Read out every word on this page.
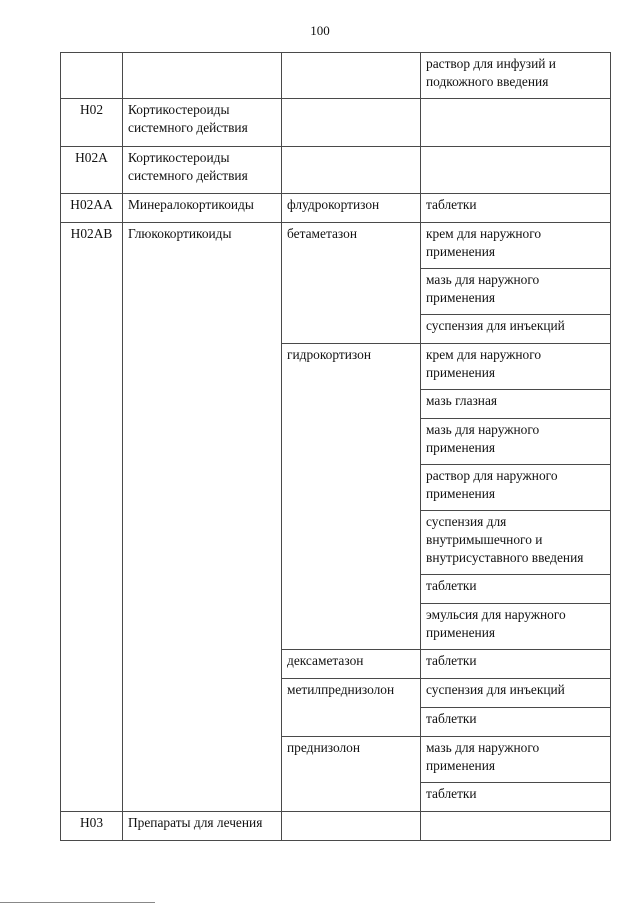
100
			раствор для инфузий и подкожного введения
H02	Кортикостероиды системного действия		
H02A	Кортикостероиды системного действия		
H02AA	Минералокортикоиды	флудрокортизон	таблетки
H02AB	Глюкокортикоиды	бетаметазон	крем для наружного применения
			мазь для наружного применения
			суспензия для инъекций
		гидрокортизон	крем для наружного применения
			мазь глазная
			мазь для наружного применения
			раствор для наружного применения
			суспензия для внутримышечного и внутрисуставного введения
			таблетки
			эмульсия для наружного применения
		дексаметазон	таблетки
		метилпреднизолон	суспензия для инъекций
			таблетки
		преднизолон	мазь для наружного применения
			таблетки
H03	Препараты для лечения		
